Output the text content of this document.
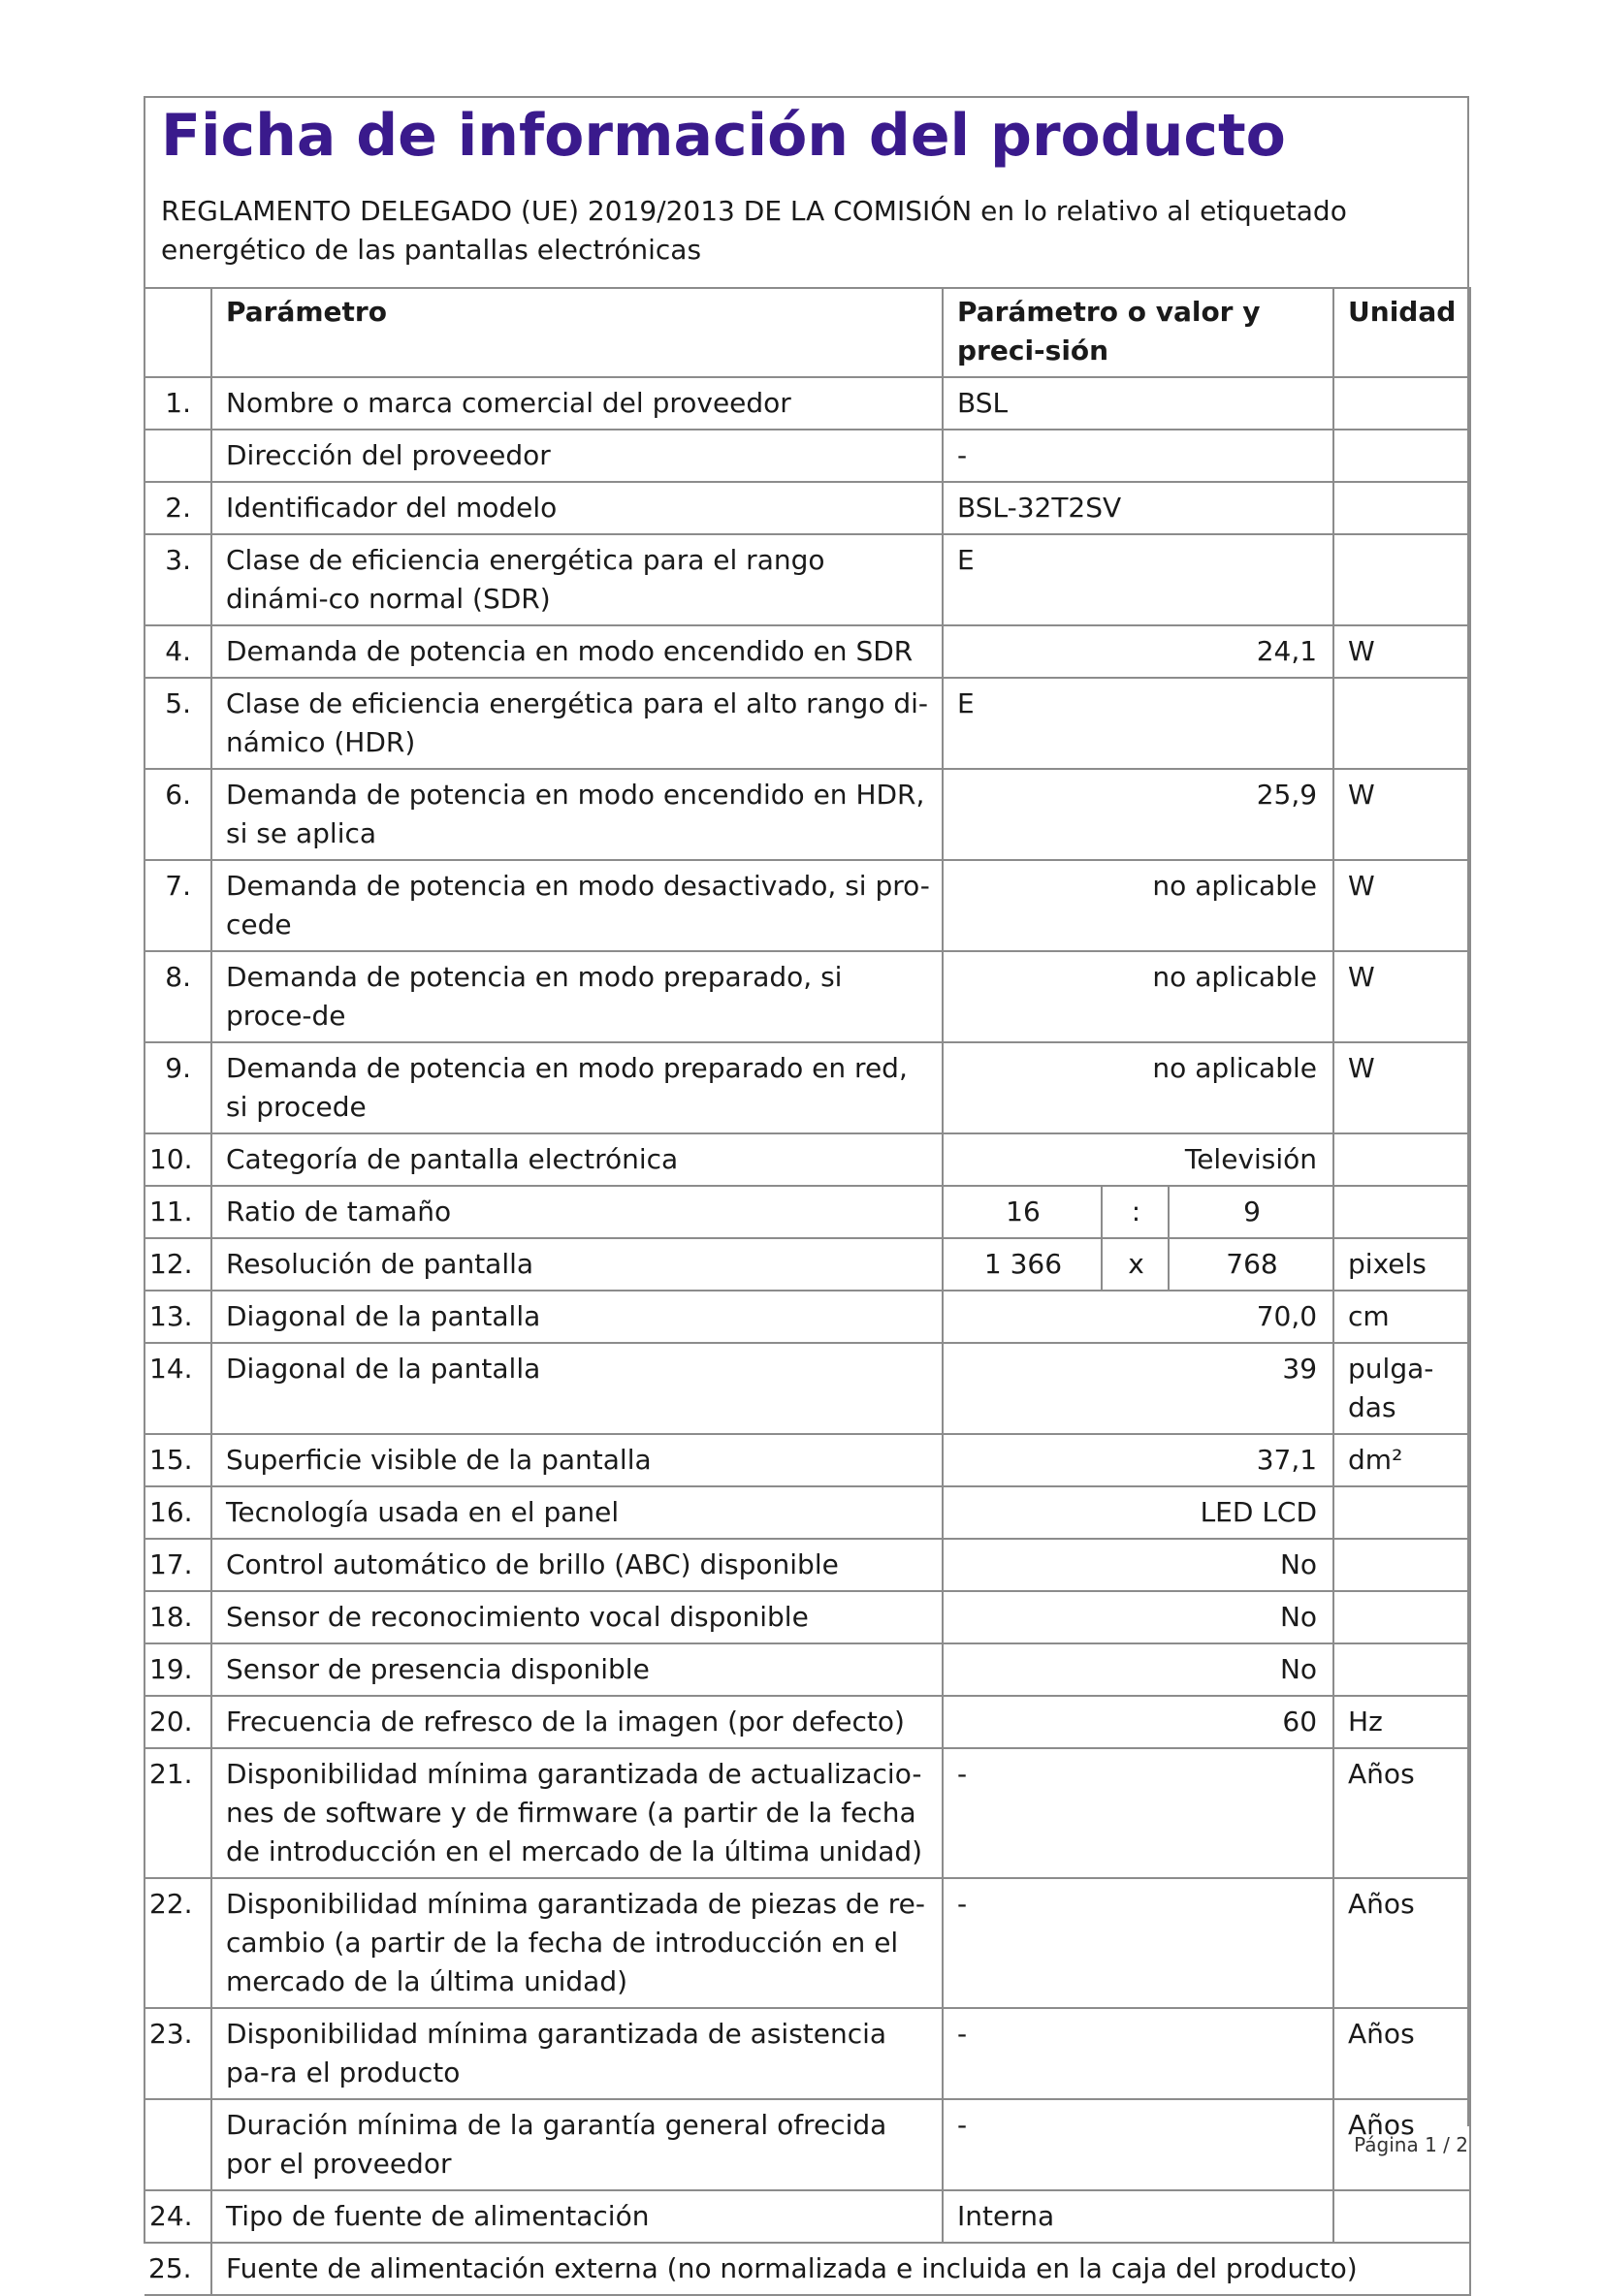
Ficha de información del producto
REGLAMENTO DELEGADO (UE) 2019/2013 DE LA COMISIÓN en lo relativo al etiquetado energético de las pantallas electrónicas
	Parámetro	Parámetro o valor y preci-sión			Unidad
1.	Nombre o marca comercial del proveedor	BSL			
	Dirección del proveedor	-			
2.	Identificador del modelo	BSL-32T2SV			
3.	Clase de eficiencia energética para el rango dinámi-co normal (SDR)	E			
4.	Demanda de potencia en modo encendido en SDR	24,1			W
5.	Clase de eficiencia energética para el alto rango di-námico (HDR)	E			
6.	Demanda de potencia en modo encendido en HDR, si se aplica	25,9			W
7.	Demanda de potencia en modo desactivado, si pro-cede	no aplicable			W
8.	Demanda de potencia en modo preparado, si proce-de	no aplicable			W
9.	Demanda de potencia en modo preparado en red, si procede	no aplicable			W
10.	Categoría de pantalla electrónica	Televisión			
11.	Ratio de tamaño	16	:	9	
12.	Resolución de pantalla	1 366	x	768	pixels
13.	Diagonal de la pantalla	70,0			cm
14.	Diagonal de la pantalla	39			pulga-das
15.	Superficie visible de la pantalla	37,1			dm²
16.	Tecnología usada en el panel	LED LCD			
17.	Control automático de brillo (ABC) disponible	No			
18.	Sensor de reconocimiento vocal disponible	No			
19.	Sensor de presencia disponible	No			
20.	Frecuencia de refresco de la imagen (por defecto)	60			Hz
21.	Disponibilidad mínima garantizada de actualizacio-nes de software y de firmware (a partir de la fecha de introducción en el mercado de la última unidad)	-			Años
22.	Disponibilidad mínima garantizada de piezas de re-cambio (a partir de la fecha de introducción en el mercado de la última unidad)	-			Años
23.	Disponibilidad mínima garantizada de asistencia pa-ra el producto	-			Años
	Duración mínima de la garantía general ofrecida por el proveedor	-			Años
24.	Tipo de fuente de alimentación	Interna			
25.	Fuente de alimentación externa (no normalizada e incluida en la caja del producto)				
Página 1 / 2
